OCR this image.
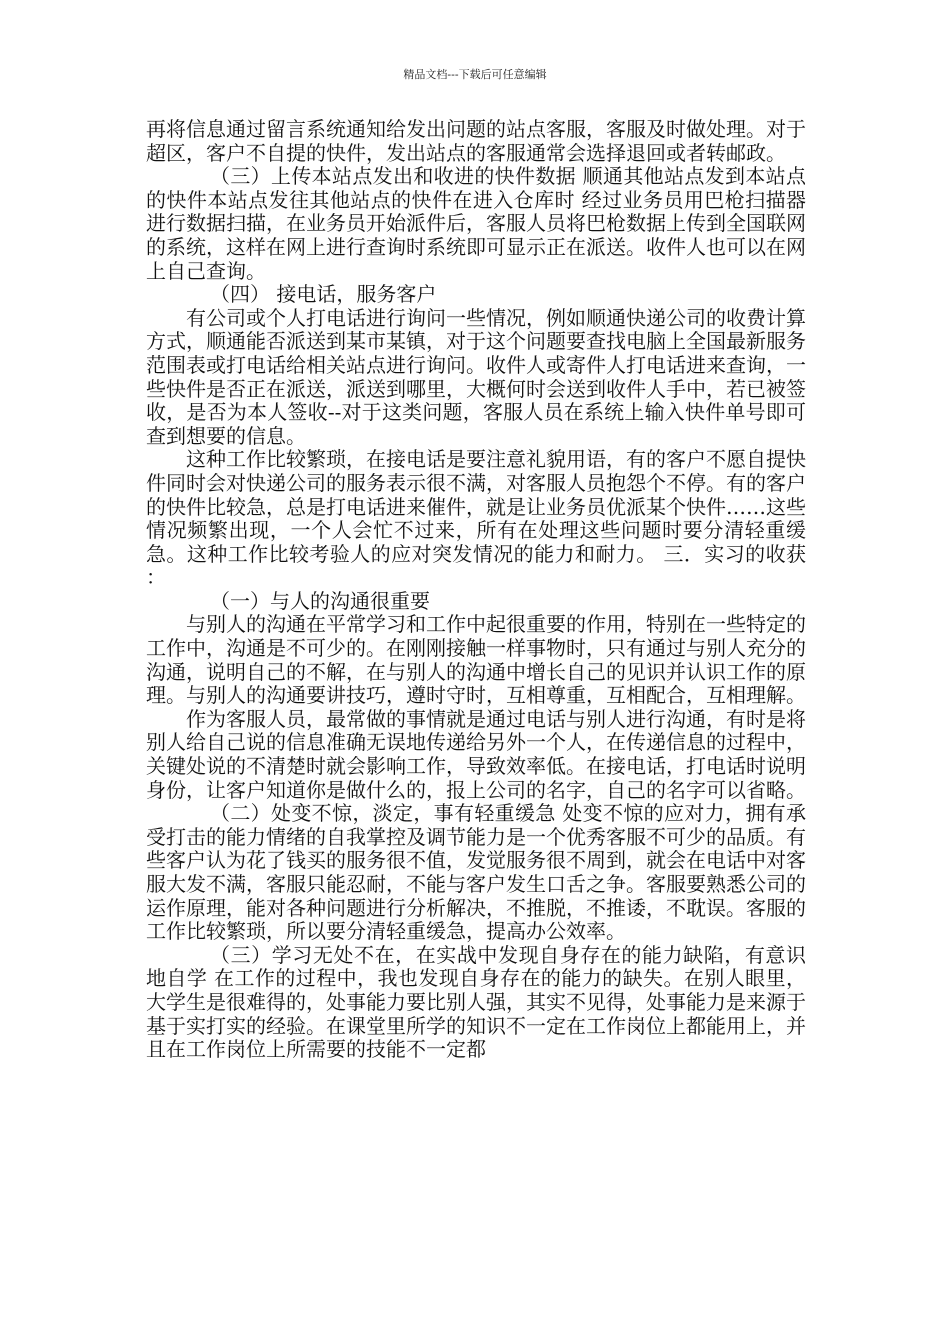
精品文档---下载后可任意编辑

再将信息通过留言系统通知给发出问题的站点客服，客服及时做处理。对于超区，客户不自提的快件，发出站点的客服通常会选择退回或者转邮政。

（三）上传本站点发出和收进的快件数据 顺通其他站点发到本站点的快件本站点发往其他站点的快件在进入仓库时 经过业务员用巴枪扫描器进行数据扫描，在业务员开始派件后，客服人员将巴枪数据上传到全国联网的系统，这样在网上进行查询时系统即可显示正在派送。收件人也可以在网上自己查询。

（四） 接电话，服务客户

有公司或个人打电话进行询问一些情况，例如顺通快递公司的收费计算方式，顺通能否派送到某市某镇，对于这个问题要查找电脑上全国最新服务范围表或打电话给相关站点进行询问。收件人或寄件人打电话进来查询，一些快件是否正在派送，派送到哪里，大概何时会送到收件人手中，若已被签收，是否为本人签收--对于这类问题，客服人员在系统上输入快件单号即可查到想要的信息。

这种工作比较繁琐，在接电话是要注意礼貌用语，有的客户不愿自提快件同时会对快递公司的服务表示很不满，对客服人员抱怨个不停。有的客户的快件比较急，总是打电话进来催件，就是让业务员优派某个快件……这些情况频繁出现，一个人会忙不过来，所有在处理这些问题时要分清轻重缓急。这种工作比较考验人的应对突发情况的能力和耐力。 三．实习的收获 ：

（一）与人的沟通很重要

与别人的沟通在平常学习和工作中起很重要的作用，特别在一些特定的工作中，沟通是不可少的。在刚刚接触一样事物时，只有通过与别人充分的沟通，说明自己的不解，在与别人的沟通中增长自己的见识并认识工作的原理。与别人的沟通要讲技巧，遵时守时，互相尊重，互相配合，互相理解。

作为客服人员，最常做的事情就是通过电话与别人进行沟通，有时是将别人给自己说的信息准确无误地传递给另外一个人，在传递信息的过程中，关键处说的不清楚时就会影响工作，导致效率低。在接电话，打电话时说明身份，让客户知道你是做什么的，报上公司的名字，自己的名字可以省略。

（二）处变不惊，淡定，事有轻重缓急 处变不惊的应对力，拥有承受打击的能力情绪的自我掌控及调节能力是一个优秀客服不可少的品质。有些客户认为花了钱买的服务很不值，发觉服务很不周到，就会在电话中对客服大发不满，客服只能忍耐，不能与客户发生口舌之争。客服要熟悉公司的运作原理，能对各种问题进行分析解决，不推脱，不推诿，不耽误。客服的工作比较繁琐，所以要分清轻重缓急，提高办公效率。

（三）学习无处不在，在实战中发现自身存在的能力缺陷，有意识地自学 在工作的过程中，我也发现自身存在的能力的缺失。在别人眼里，大学生是很难得的，处事能力要比别人强，其实不见得，处事能力是来源于基于实打实的经验。在课堂里所学的知识不一定在工作岗位上都能用上，并且在工作岗位上所需要的技能不一定都
